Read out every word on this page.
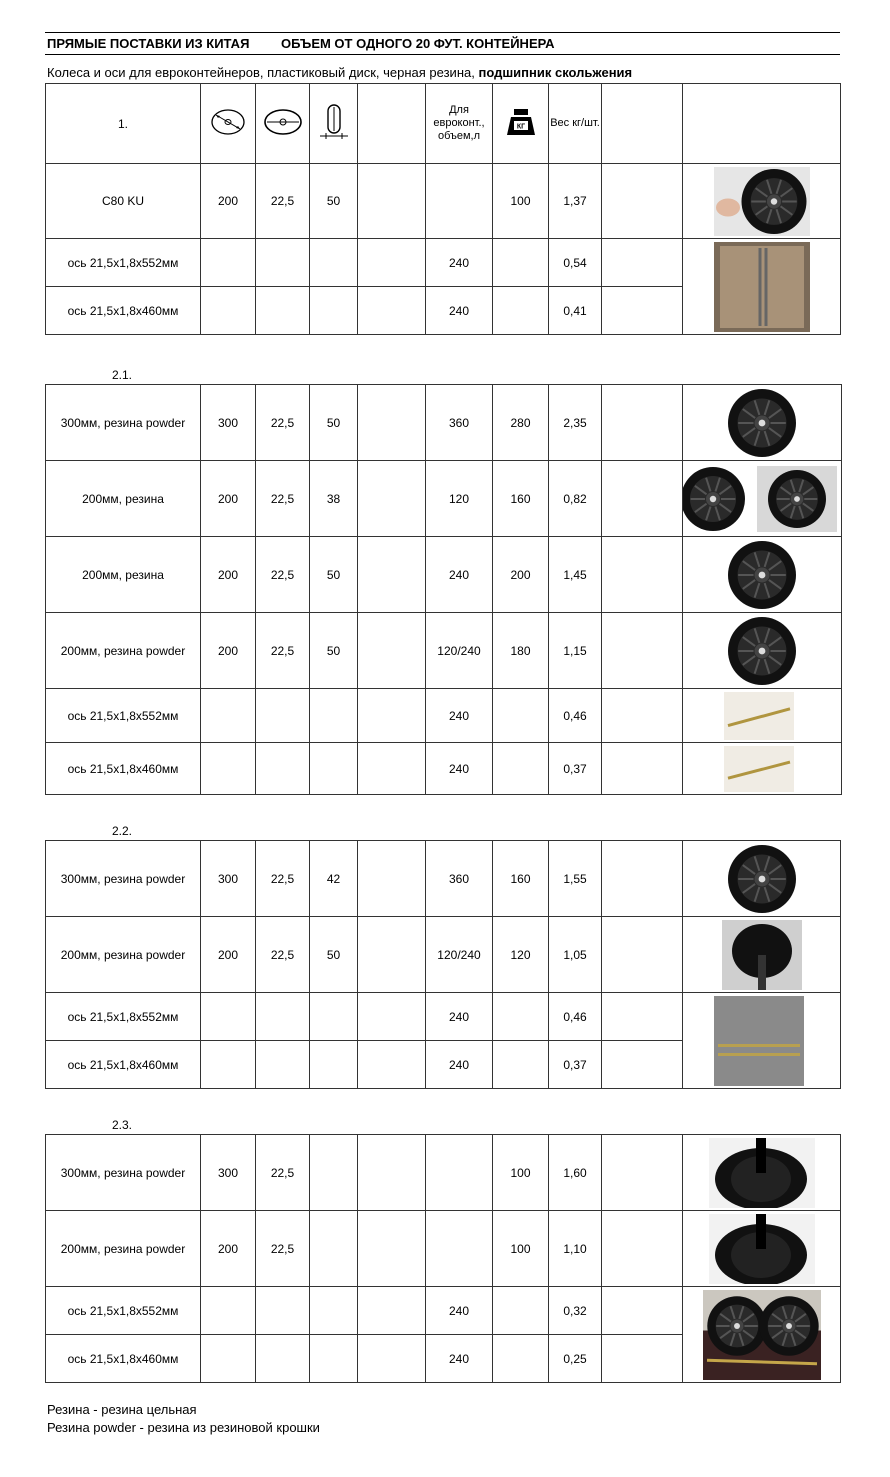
ПРЯМЫЕ ПОСТАВКИ ИЗ КИТАЯ ОБЪЕМ ОТ ОДНОГО 20 ФУТ. КОНТЕЙНЕРА
Колеса и оси для евроконтейнеров, пластиковый диск, черная резина, подшипник скольжения
1.					Для евроконт., объем,л	КГ	Вес кг/шт.		
C80 KU	200	22,5	50			100	1,37		
ось 21,5х1,8х552мм					240		0,54		
ось 21,5х1,8х460мм					240		0,41		
2.1.
300мм, резина powder	300	22,5	50		360	280	2,35		
200мм, резина	200	22,5	38		120	160	0,82		
200мм, резина	200	22,5	50		240	200	1,45		
200мм, резина powder	200	22,5	50		120/240	180	1,15		
ось 21,5х1,8х552мм					240		0,46		
ось 21,5х1,8х460мм					240		0,37		
2.2.
300мм, резина powder	300	22,5	42		360	160	1,55		
200мм, резина powder	200	22,5	50		120/240	120	1,05		
ось 21,5х1,8х552мм					240		0,46		
ось 21,5х1,8х460мм					240		0,37		
2.3.
300мм, резина powder	300	22,5				100	1,60		
200мм, резина powder	200	22,5				100	1,10		
ось 21,5х1,8х552мм					240		0,32		
ось 21,5х1,8х460мм					240		0,25		
Резина - резина цельная
Резина powder - резина из резиновой крошки
